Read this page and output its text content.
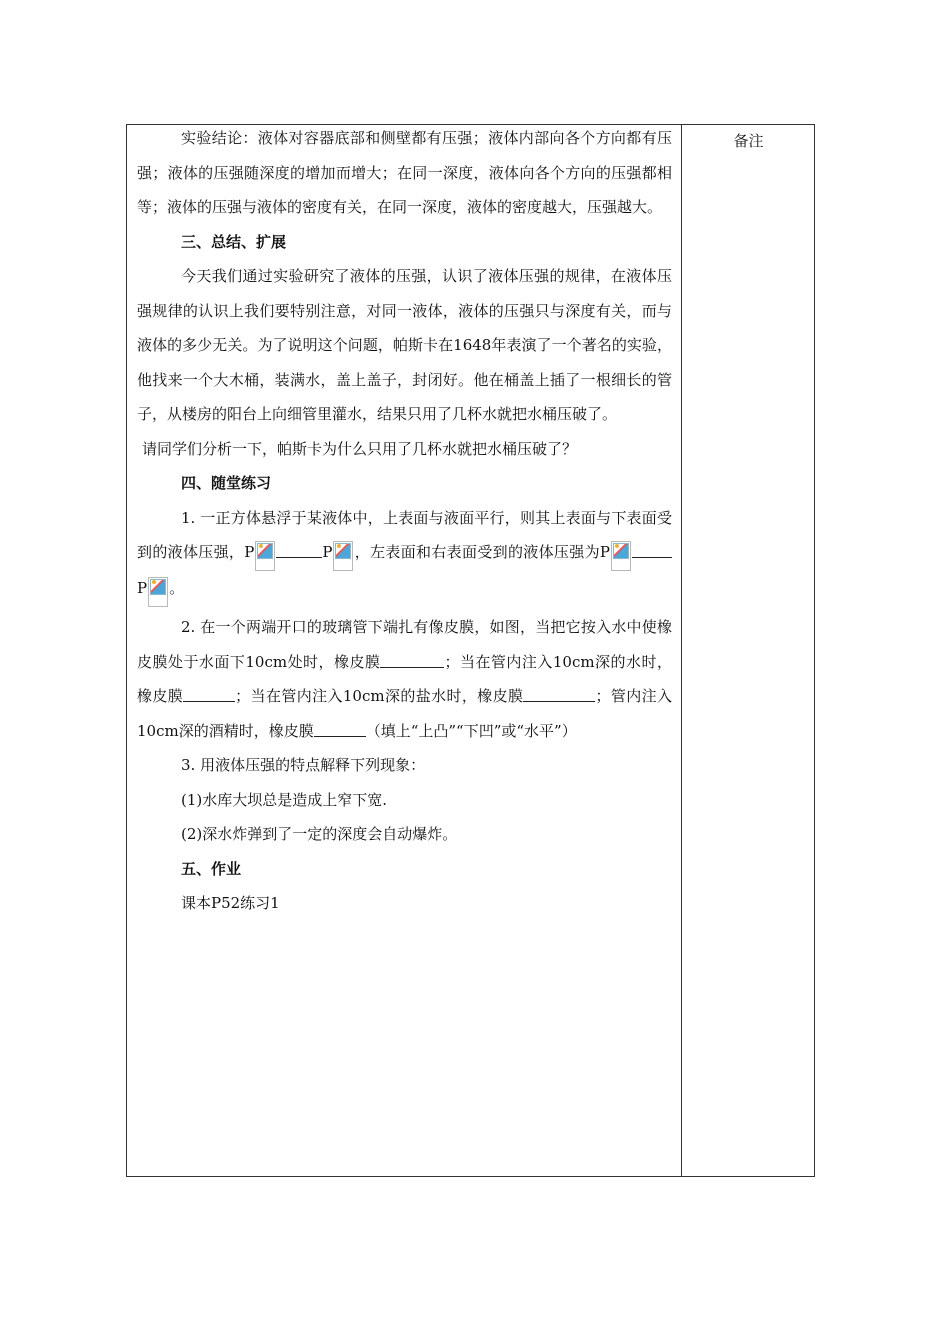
备注

实验结论：液体对容器底部和侧壁都有压强；液体内部向各个方向都有压强；液体的压强随深度的增加而增大；在同一深度，液体向各个方向的压强都相等；液体的压强与液体的密度有关，在同一深度，液体的密度越大，压强越大。

三、总结、扩展

今天我们通过实验研究了液体的压强，认识了液体压强的规律，在液体压强规律的认识上我们要特别注意，对同一液体，液体的压强只与深度有关，而与液体的多少无关。为了说明这个问题，帕斯卡在1648年表演了一个著名的实验，他找来一个大木桶，装满水，盖上盖子，封闭好。他在桶盖上插了一根细长的管子，从楼房的阳台上向细管里灌水，结果只用了几杯水就把水桶压破了。

请同学们分析一下，帕斯卡为什么只用了几杯水就把水桶压破了？

四、随堂练习

1. 一正方体悬浮于某液体中，上表面与液面平行，则其上表面与下表面受到的液体压强，P	P ，左表面和右表面受到的液体压强为P
P 。

2. 在一个两端开口的玻璃管下端扎有像皮膜，如图，当把它按入水中使橡皮膜处于水面下10cm处时，橡皮膜	；当在管内注入10cm深的水时，橡皮膜	；当在管内注入10cm深的盐水时，橡皮膜	；管内注入10cm深的酒精时，橡皮膜	（填上“上凸”“下凹”或“水平”）

3. 用液体压强的特点解释下列现象：

(1)水库大坝总是造成上窄下宽.

(2)深水炸弹到了一定的深度会自动爆炸。

五、作业

课本P52练习1
